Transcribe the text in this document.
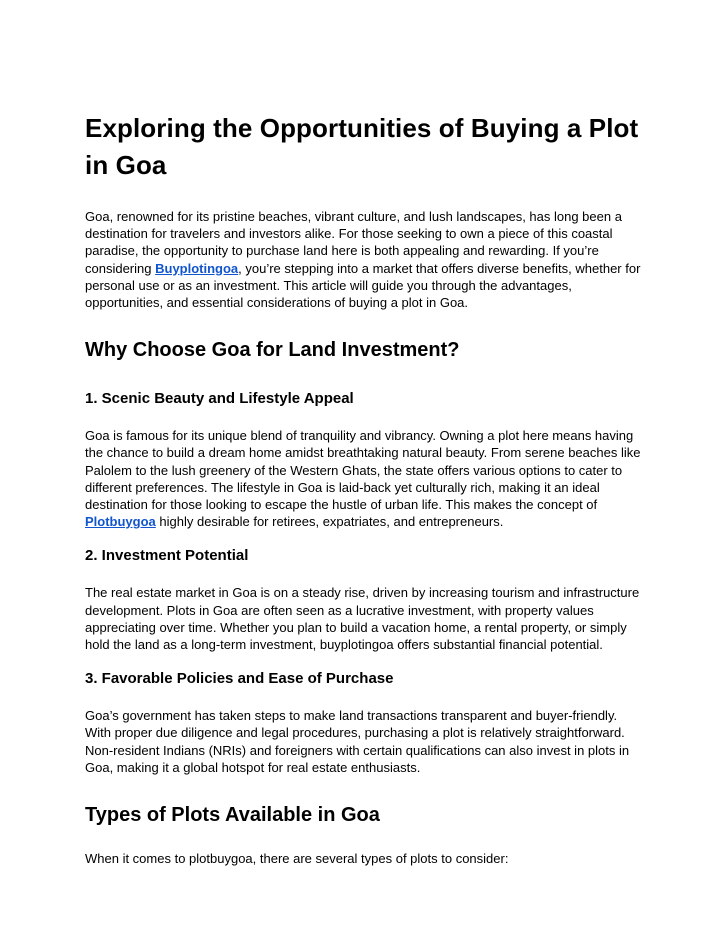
Exploring the Opportunities of Buying a Plot in Goa

Goa, renowned for its pristine beaches, vibrant culture, and lush landscapes, has long been a destination for travelers and investors alike. For those seeking to own a piece of this coastal paradise, the opportunity to purchase land here is both appealing and rewarding. If you’re considering Buyplotingoa, you’re stepping into a market that offers diverse benefits, whether for personal use or as an investment. This article will guide you through the advantages, opportunities, and essential considerations of buying a plot in Goa.

Why Choose Goa for Land Investment?
1. Scenic Beauty and Lifestyle Appeal

Goa is famous for its unique blend of tranquility and vibrancy. Owning a plot here means having the chance to build a dream home amidst breathtaking natural beauty. From serene beaches like Palolem to the lush greenery of the Western Ghats, the state offers various options to cater to different preferences. The lifestyle in Goa is laid-back yet culturally rich, making it an ideal destination for those looking to escape the hustle of urban life. This makes the concept of Plotbuygoa highly desirable for retirees, expatriates, and entrepreneurs.

2. Investment Potential

The real estate market in Goa is on a steady rise, driven by increasing tourism and infrastructure development. Plots in Goa are often seen as a lucrative investment, with property values appreciating over time. Whether you plan to build a vacation home, a rental property, or simply hold the land as a long-term investment, buyplotingoa offers substantial financial potential.

3. Favorable Policies and Ease of Purchase

Goa’s government has taken steps to make land transactions transparent and buyer-friendly. With proper due diligence and legal procedures, purchasing a plot is relatively straightforward. Non-resident Indians (NRIs) and foreigners with certain qualifications can also invest in plots in Goa, making it a global hotspot for real estate enthusiasts.

Types of Plots Available in Goa

When it comes to plotbuygoa, there are several types of plots to consider:
